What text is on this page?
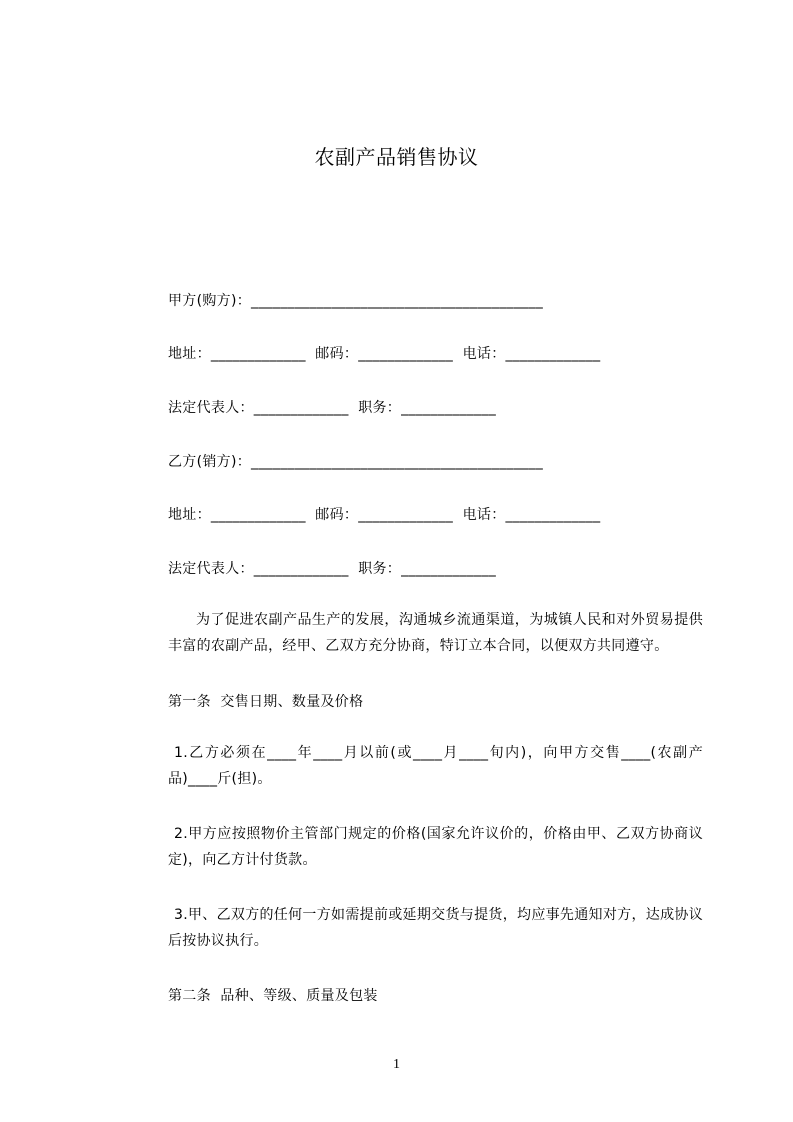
农副产品销售协议
甲方(购方)：________________________________________
地址：_____________  邮码：_____________  电话：_____________
法定代表人：_____________  职务：_____________
乙方(销方)：________________________________________
地址：_____________  邮码：_____________  电话：_____________
法定代表人：_____________  职务：_____________
为了促进农副产品生产的发展，沟通城乡流通渠道，为城镇人民和对外贸易提供丰富的农副产品，经甲、乙双方充分协商，特订立本合同，以便双方共同遵守。
第一条  交售日期、数量及价格
1.乙方必须在____年____月以前(或____月____旬内)，向甲方交售____(农副产品)____斤(担)。
2.甲方应按照物价主管部门规定的价格(国家允许议价的，价格由甲、乙双方协商议定)，向乙方计付货款。
3.甲、乙双方的任何一方如需提前或延期交货与提货，均应事先通知对方，达成协议后按协议执行。
第二条  品种、等级、质量及包装
1
